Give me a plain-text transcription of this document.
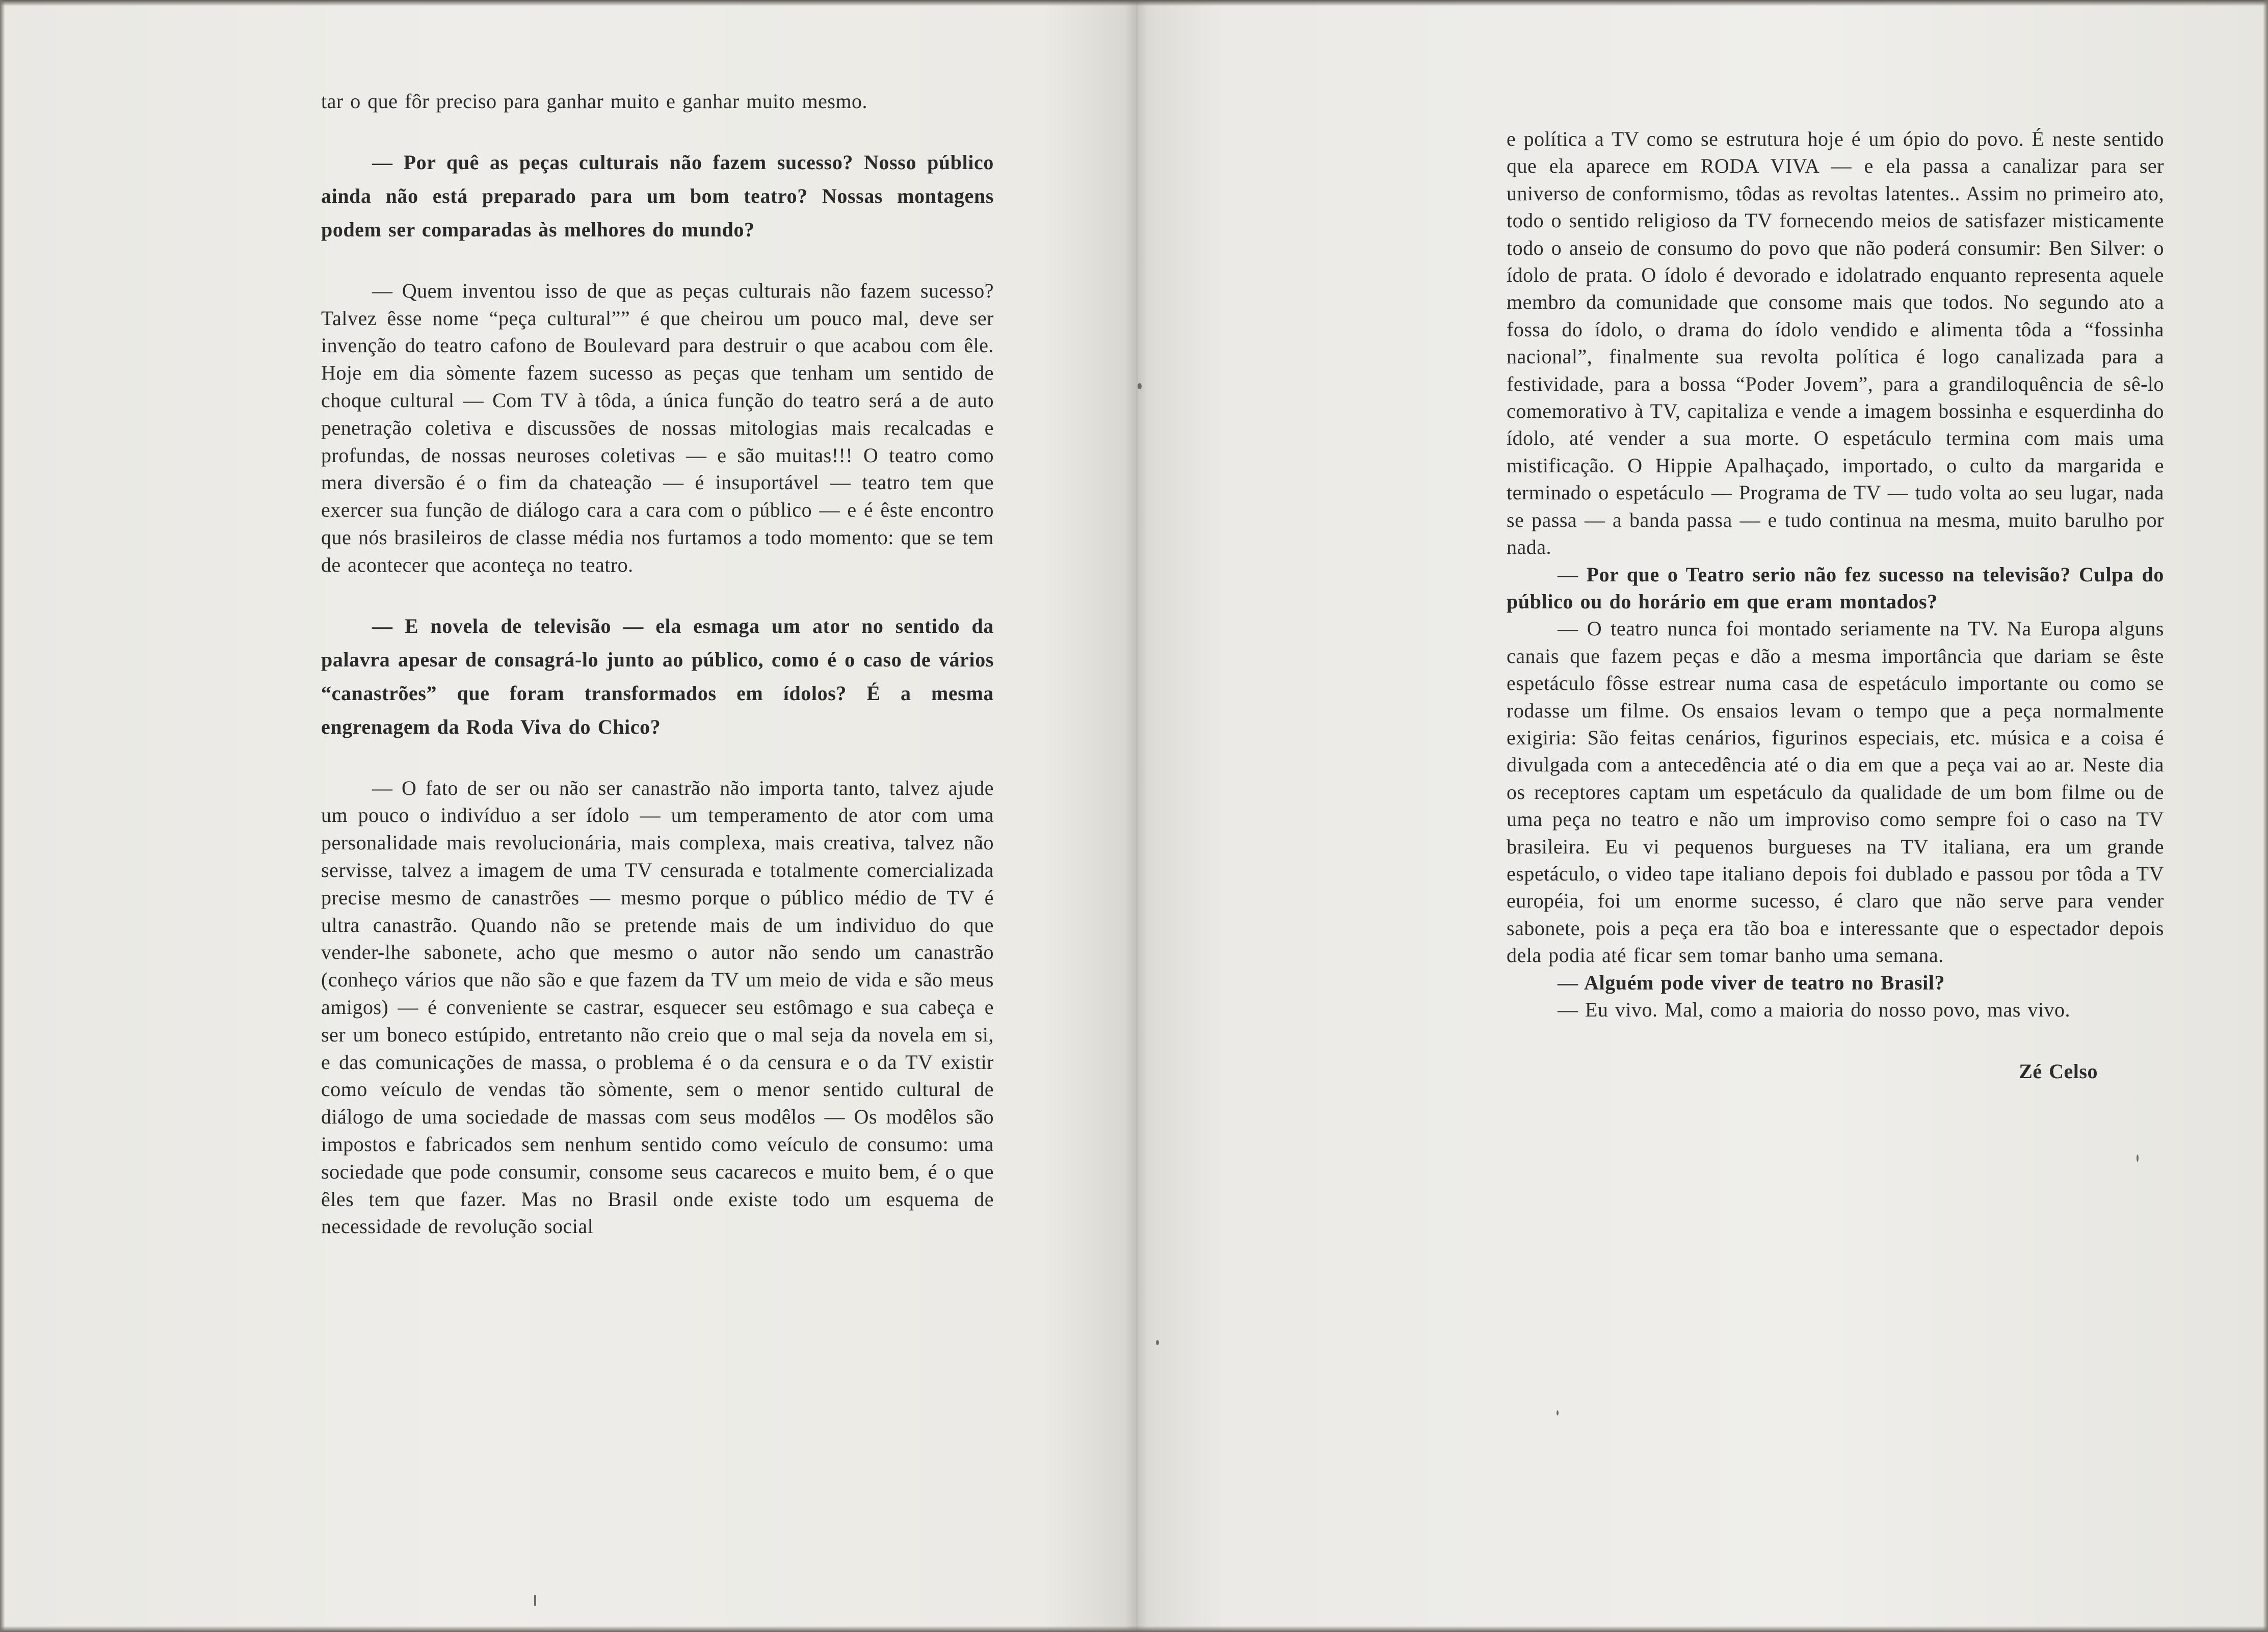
tar o que fôr preciso para ganhar muito e ganhar muito mesmo.

— Por quê as peças culturais não fazem sucesso? Nosso público ainda não está preparado para um bom teatro? Nossas montagens podem ser comparadas às melhores do mundo?

— Quem inventou isso de que as peças culturais não fazem sucesso? Talvez êsse nome “peça cultural”” é que cheirou um pouco mal, deve ser invenção do teatro cafono de Boulevard para destruir o que acabou com êle. Hoje em dia sòmente fazem sucesso as peças que tenham um sentido de choque cultural — Com TV à tôda, a única função do teatro será a de auto penetração coletiva e discussões de nossas mitologias mais recalcadas e profundas, de nossas neuroses coletivas — e são muitas!!! O teatro como mera diversão é o fim da chateação — é insuportável — teatro tem que exercer sua função de diálogo cara a cara com o público — e é êste encontro que nós brasileiros de classe média nos furtamos a todo momento: que se tem de acontecer que aconteça no teatro.

— E novela de televisão — ela esmaga um ator no sentido da palavra apesar de consagrá-lo junto ao público, como é o caso de vários “canastrões” que foram transformados em ídolos? É a mesma engrenagem da Roda Viva do Chico?

— O fato de ser ou não ser canastrão não importa tanto, talvez ajude um pouco o indivíduo a ser ídolo — um temperamento de ator com uma personalidade mais revolucionária, mais complexa, mais creativa, talvez não servisse, talvez a imagem de uma TV censurada e totalmente comercializada precise mesmo de canastrões — mesmo porque o público médio de TV é ultra canastrão. Quando não se pretende mais de um individuo do que vender-lhe sabonete, acho que mesmo o autor não sendo um canastrão (conheço vários que não são e que fazem da TV um meio de vida e são meus amigos) — é conveniente se castrar, esquecer seu estômago e sua cabeça e ser um boneco estúpido, entretanto não creio que o mal seja da novela em si, e das comunicações de massa, o problema é o da censura e o da TV existir como veículo de vendas tão sòmente, sem o menor sentido cultural de diálogo de uma sociedade de massas com seus modêlos — Os modêlos são impostos e fabricados sem nenhum sentido como veículo de consumo: uma sociedade que pode consumir, consome seus cacarecos e muito bem, é o que êles tem que fazer. Mas no Brasil onde existe todo um esquema de necessidade de revolução social

e política a TV como se estrutura hoje é um ópio do povo. É neste sentido que ela aparece em RODA VIVA — e ela passa a canalizar para ser universo de conformismo, tôdas as revoltas latentes.. Assim no primeiro ato, todo o sentido religioso da TV fornecendo meios de satisfazer misticamente todo o anseio de consumo do povo que não poderá consumir: Ben Silver: o ídolo de prata. O ídolo é devorado e idolatrado enquanto representa aquele membro da comunidade que consome mais que todos. No segundo ato a fossa do ídolo, o drama do ídolo vendido e alimenta tôda a “fossinha nacional”, finalmente sua revolta política é logo canalizada para a festividade, para a bossa “Poder Jovem”, para a grandiloquência de sê-lo comemorativo à TV, capitaliza e vende a imagem bossinha e esquerdinha do ídolo, até vender a sua morte. O espetáculo termina com mais uma mistificação. O Hippie Apalhaçado, importado, o culto da margarida e terminado o espetáculo — Programa de TV — tudo volta ao seu lugar, nada se passa — a banda passa — e tudo continua na mesma, muito barulho por nada.

— Por que o Teatro serio não fez sucesso na televisão? Culpa do público ou do horário em que eram montados?

— O teatro nunca foi montado seriamente na TV. Na Europa alguns canais que fazem peças e dão a mesma importância que dariam se êste espetáculo fôsse estrear numa casa de espetáculo importante ou como se rodasse um filme. Os ensaios levam o tempo que a peça normalmente exigiria: São feitas cenários, figurinos especiais, etc. música e a coisa é divulgada com a antecedência até o dia em que a peça vai ao ar. Neste dia os receptores captam um espetáculo da qualidade de um bom filme ou de uma peça no teatro e não um improviso como sempre foi o caso na TV brasileira. Eu vi pequenos burgueses na TV italiana, era um grande espetáculo, o video tape italiano depois foi dublado e passou por tôda a TV européia, foi um enorme sucesso, é claro que não serve para vender sabonete, pois a peça era tão boa e interessante que o espectador depois dela podia até ficar sem tomar banho uma semana.

— Alguém pode viver de teatro no Brasil?

— Eu vivo. Mal, como a maioria do nosso povo, mas vivo.

Zé Celso
